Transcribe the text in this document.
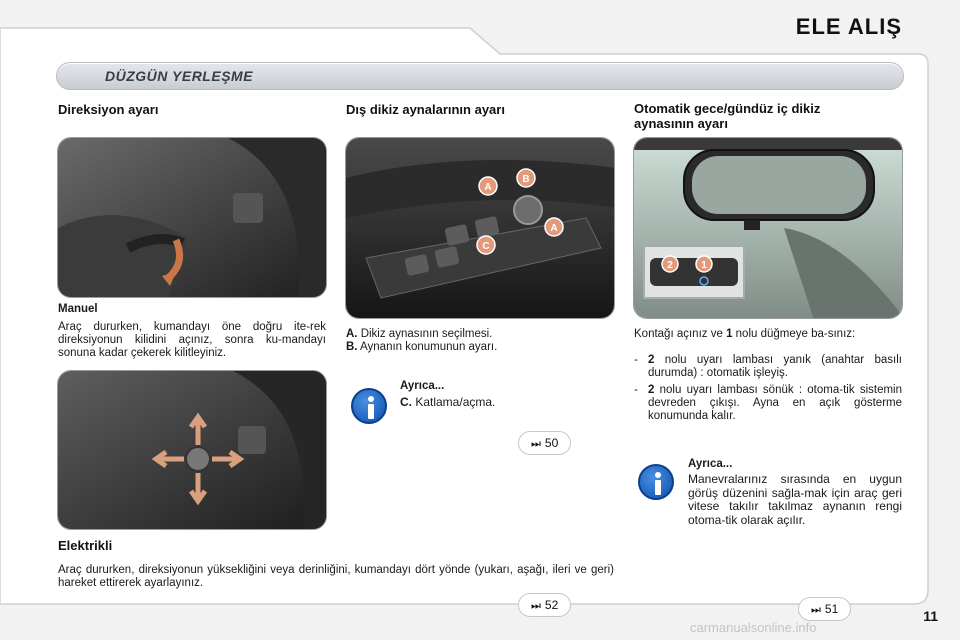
ELE ALIŞ
DÜZGÜN YERLEŞME
Direksiyon ayarı
Manuel
Araç dururken, kumandayı öne doğru ite-rek direksiyonun kilidini açınız, sonra ku-mandayı sonuna kadar çekerek kilitleyiniz.
Elektrikli
Araç dururken, direksiyonun yüksekliğini veya derinliğini, kumandayı dört yönde (yukarı, aşağı, ileri ve geri) hareket ettirerek ayarlayınız.
Dış dikiz aynalarının ayarı
A
B
C
A
A. Dikiz aynasının seçilmesi.
B. Aynanın konumunun ayarı.
Ayrıca...
C. Katlama/açma.
⏭ 50
Otomatik gece/gündüz iç dikiz
aynasının ayarı
2	1
Kontağı açınız ve 1 nolu düğmeye ba-sınız:
- 2 nolu uyarı lambası yanık (anahtar basılı durumda) : otomatik işleyiş.
- 2 nolu uyarı lambası sönük : otoma-tik sistemin devreden çıkışı. Ayna en açık gösterme konumunda kalır.
Ayrıca...
Manevralarınız sırasında en uygun görüş düzenini sağla-mak için araç geri vitese takılır takılmaz aynanın rengi otoma-tik olarak açılır.
⏭ 52	⏭ 51	11
carmanualsonline.info
